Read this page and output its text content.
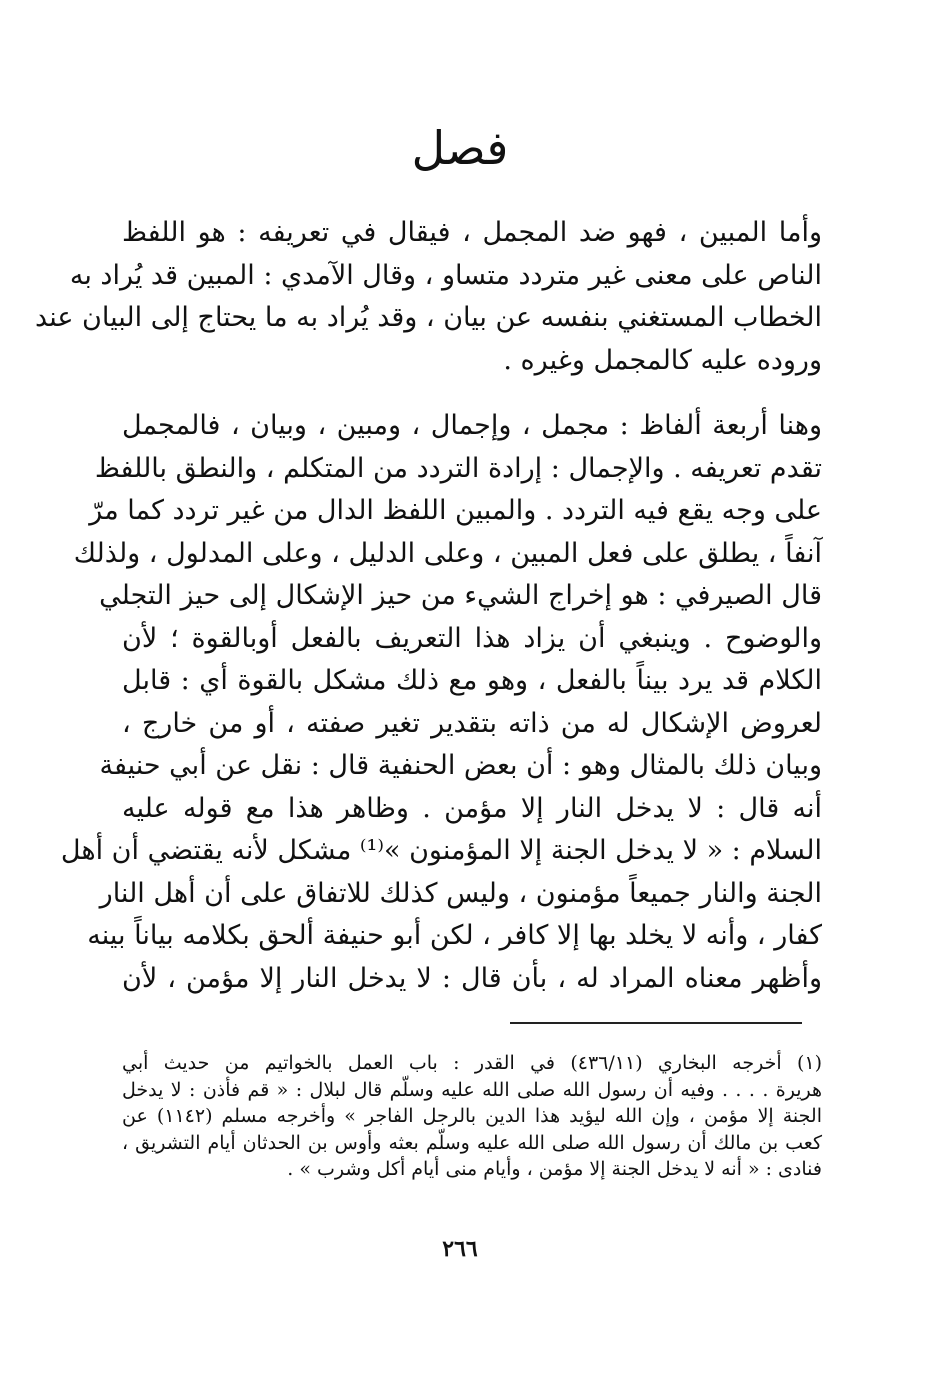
فصل
وأما المبين ، فهو ضد المجمل ، فيقال في تعريفه : هو اللفظ
الناص على معنى غير متردد متساو ، وقال الآمدي : المبين قد يُراد به
الخطاب المستغني بنفسه عن بيان ، وقد يُراد به ما يحتاج إلى البيان عند
وروده عليه كالمجمل وغيره .
وهنا أربعة ألفاظ : مجمل ، وإجمال ، ومبين ، وبيان ، فالمجمل
تقدم تعريفه . والإجمال : إرادة التردد من المتكلم ، والنطق باللفظ
على وجه يقع فيه التردد . والمبين اللفظ الدال من غير تردد كما مرّ
آنفاً ، يطلق على فعل المبين ، وعلى الدليل ، وعلى المدلول ، ولذلك
قال الصيرفي : هو إخراج الشيء من حيز الإشكال إلى حيز التجلي
والوضوح . وينبغي أن يزاد هذا التعريف بالفعل أوبالقوة ؛ لأن
الكلام قد يرد بيناً بالفعل ، وهو مع ذلك مشكل بالقوة أي : قابل
لعروض الإشكال له من ذاته بتقدير تغير صفته ، أو من خارج ،
وبيان ذلك بالمثال وهو : أن بعض الحنفية قال : نقل عن أبي حنيفة
أنه قال : لا يدخل النار إلا مؤمن . وظاهر هذا مع قوله عليه
السلام : « لا يدخل الجنة إلا المؤمنون »⁽¹⁾ مشكل لأنه يقتضي أن أهل
الجنة والنار جميعاً مؤمنون ، وليس كذلك للاتفاق على أن أهل النار
كفار ، وأنه لا يخلد بها إلا كافر ، لكن أبو حنيفة ألحق بكلامه بياناً بينه
وأظهر معناه المراد له ، بأن قال : لا يدخل النار إلا مؤمن ، لأن
(١) أخرجه البخاري (٤٣٦/١١) في القدر : باب العمل بالخواتيم من حديث أبي
هريرة . . . . وفيه أن رسول الله صلى الله عليه وسلّم قال لبلال : « قم فأذن : لا يدخل
الجنة إلا مؤمن ، وإن الله ليؤيد هذا الدين بالرجل الفاجر » وأخرجه مسلم (١١٤٢) عن
كعب بن مالك أن رسول الله صلى الله عليه وسلّم بعثه وأوس بن الحدثان أيام التشريق ،
فنادى : « أنه لا يدخل الجنة إلا مؤمن ، وأيام منى أيام أكل وشرب » .
٢٦٦
